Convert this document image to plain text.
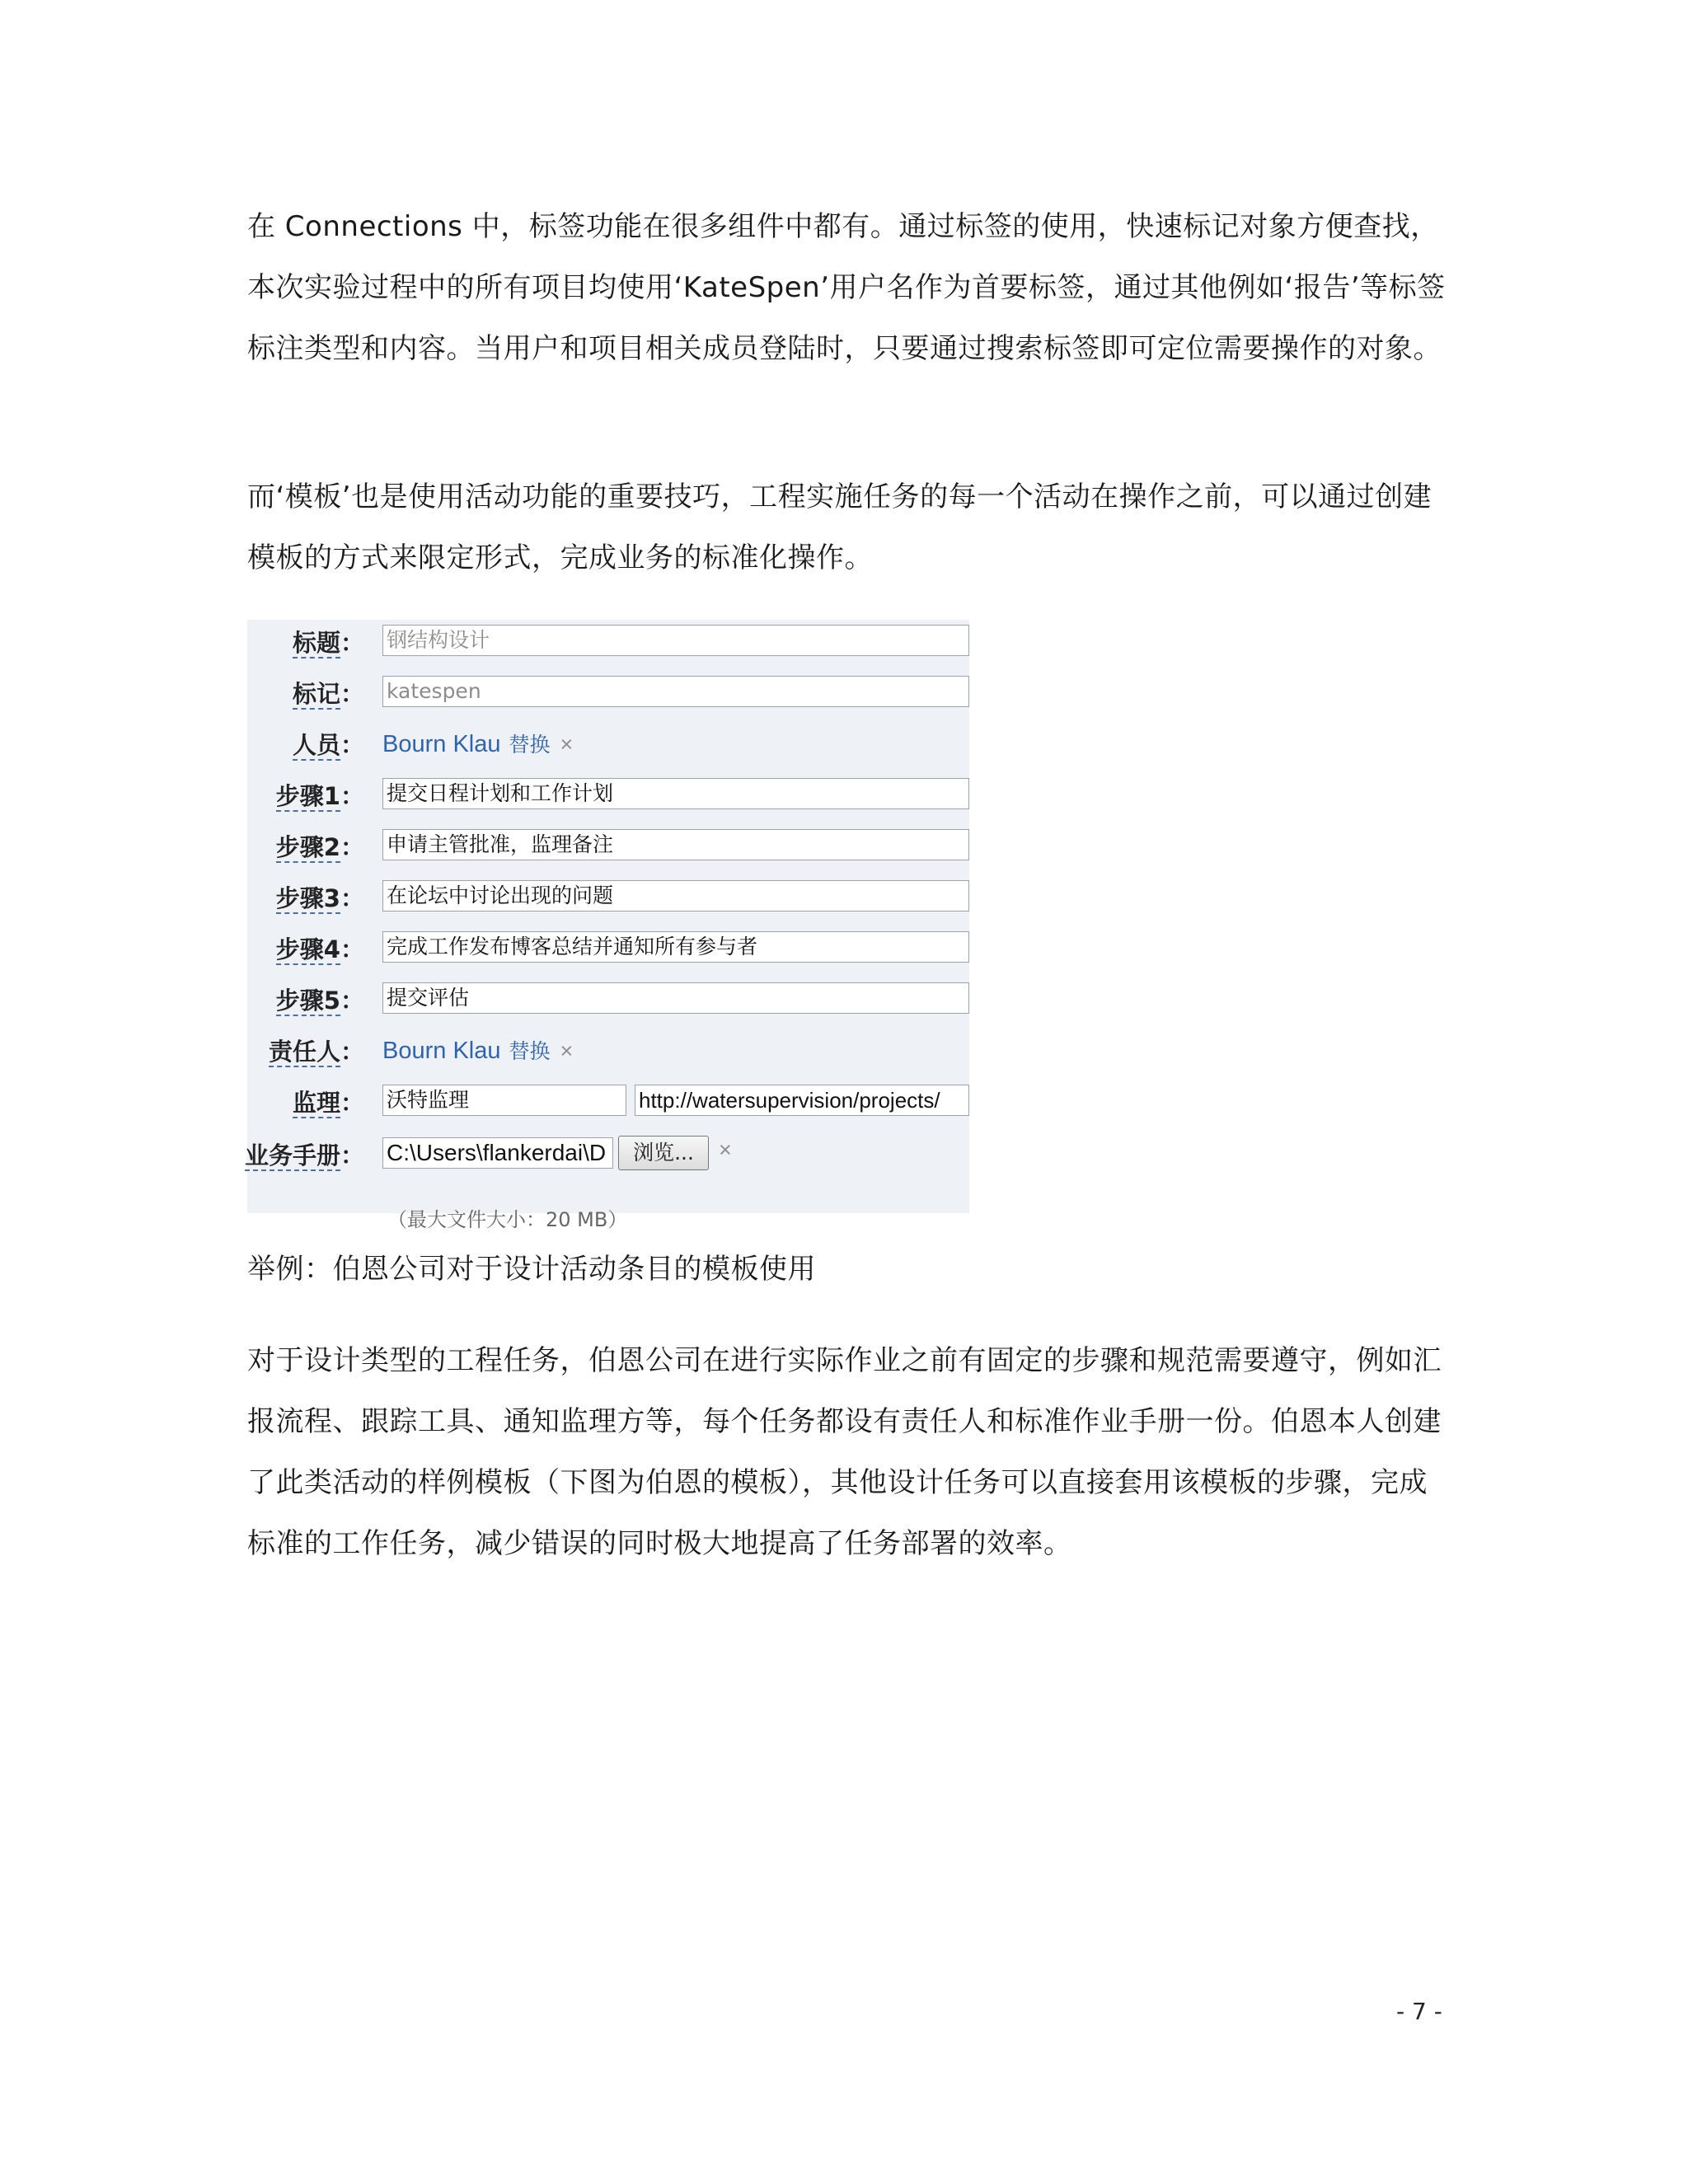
在 Connections 中，标签功能在很多组件中都有。通过标签的使用，快速标记对象方便查找，本次实验过程中的所有项目均使用‘KateSpen’用户名作为首要标签，通过其他例如‘报告’等标签标注类型和内容。当用户和项目相关成员登陆时，只要通过搜索标签即可定位需要操作的对象。

而‘模板’也是使用活动功能的重要技巧，工程实施任务的每一个活动在操作之前，可以通过创建模板的方式来限定形式，完成业务的标准化操作。

标题： 钢结构设计
标记： katespen
人员： Bourn Klau 替换 ×
步骤1： 提交日程计划和工作计划
步骤2： 申请主管批准，监理备注
步骤3： 在论坛中讨论出现的问题
步骤4： 完成工作发布博客总结并通知所有参与者
步骤5： 提交评估
责任人： Bourn Klau 替换 ×
监理： 沃特监理	http://watersupervision/projects/
业务手册： C:\Users\flankerdai\D	浏览...	×
（最大文件大小：20 MB）

举例：伯恩公司对于设计活动条目的模板使用

对于设计类型的工程任务，伯恩公司在进行实际作业之前有固定的步骤和规范需要遵守，例如汇报流程、跟踪工具、通知监理方等，每个任务都设有责任人和标准作业手册一份。伯恩本人创建了此类活动的样例模板（下图为伯恩的模板），其他设计任务可以直接套用该模板的步骤，完成标准的工作任务，减少错误的同时极大地提高了任务部署的效率。

- 7 -
